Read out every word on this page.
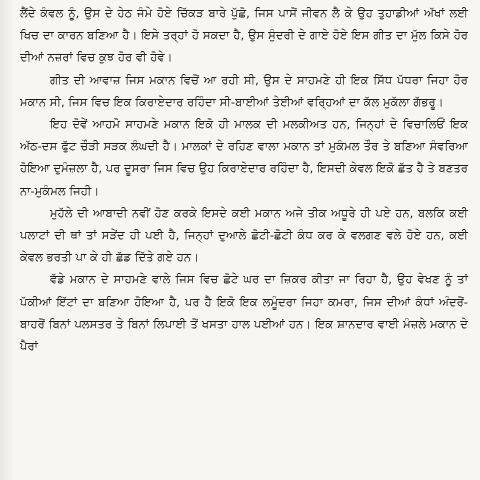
ਲੈਂਦੇ ਕੰਵਲ ਨੂੰ, ਉਸ ਦੇ ਹੇਠ ਜੰਮੇ ਹੋਏ ਚਿੱਕੜ ਬਾਰੇ ਪੁੱਛੋ, ਜਿਸ ਪਾਸੋਂ ਜੀਵਨ ਲੈ ਕੇ ਉਹ ਤੁਹਾਡੀਆਂ ਅੱਖਾਂ ਲਈ ਖਿਚ ਦਾ ਕਾਰਨ ਬਣਿਆ ਹੈ। ਇਸੇ ਤਰ੍ਹਾਂ ਹੋ ਸਕਦਾ ਹੈ, ਉਸ ਸੁੰਦਰੀ ਦੇ ਗਾਏ ਹੋਏ ਇਸ ਗੀਤ ਦਾ ਮੁੱਲ ਕਿਸੇ ਹੋਰ ਦੀਆਂ ਨਜ਼ਰਾਂ ਵਿਚ ਕੁਝ ਹੋਰ ਵੀ ਹੋਵੇ।

ਗੀਤ ਦੀ ਆਵਾਜ਼ ਜਿਸ ਮਕਾਨ ਵਿਚੋਂ ਆ ਰਹੀ ਸੀ, ਉਸ ਦੇ ਸਾਹਮਣੇ ਹੀ ਇਕ ਸਿੱਧ ਪੱਧਰਾ ਜਿਹਾ ਹੋਰ ਮਕਾਨ ਸੀ, ਜਿਸ ਵਿਚ ਇਕ ਕਿਰਾਏਦਾਰ ਰਹਿੰਦਾ ਸੀ-ਬਾਈਆਂ ਤੇਈਆਂ ਵਰ੍ਹਿਆਂ ਦਾ ਕੱਲ ਮੁਕੱਲਾ ਗੱਭਰੂ।

ਇਹ ਦੋਵੇਂ ਆਹਮੋ ਸਾਹਮਣੇ ਮਕਾਨ ਇਕੋ ਹੀ ਮਾਲਕ ਦੀ ਮਲਕੀਅਤ ਹਨ, ਜਿਨ੍ਹਾਂ ਦੇ ਵਿਚਾਲਿਓਂ ਇਕ ਅੱਠ-ਦਸ ਫੁੱਟ ਚੌੜੀ ਸੜਕ ਲੰਘਦੀ ਹੈ। ਮਾਲਕਾਂ ਦੇ ਰਹਿਣ ਵਾਲਾ ਮਕਾਨ ਤਾਂ ਮੁਕੰਮਲ ਤੌਰ ਤੇ ਬਣਿਆ ਸੰਵਰਿਆ ਹੋਇਆ ਦੁਮੰਜ਼ਲਾ ਹੈ, ਪਰ ਦੂਸਰਾ ਜਿਸ ਵਿਚ ਉਹ ਕਿਰਾਏਦਾਰ ਰਹਿੰਦਾ ਹੈ, ਇਸਦੀ ਕੇਵਲ ਇਕੋ ਛੱਤ ਹੈ ਤੇ ਬਣਤਰ ਨਾ-ਮੁਕੰਮਲ ਜਿਹੀ।

ਮੁਹੱਲੇ ਦੀ ਆਬਾਦੀ ਨਵੀਂ ਹੋਣ ਕਰਕੇ ਇਸਦੇ ਕਈ ਮਕਾਨ ਅਜੇ ਤੀਕ ਅਧੂਰੇ ਹੀ ਪਏ ਹਨ, ਬਲਕਿ ਕਈ ਪਲਾਟਾਂ ਦੀ ਥਾਂ ਤਾਂ ਸੜੇਂਦ ਹੀ ਪਈ ਹੈ, ਜਿਨ੍ਹਾਂ ਦੁਆਲੇ ਛੋਟੀ-ਛੋਟੀ ਕੰਧ ਕਰ ਕੇ ਵਲਗਣ ਵਲੇ ਹੋਏ ਹਨ, ਕਈ ਕੇਵਲ ਭਰਤੀ ਪਾ ਕੇ ਹੀ ਛੱਡ ਦਿੱਤੇ ਗਏ ਹਨ।

ਵੱਡੇ ਮਕਾਨ ਦੇ ਸਾਹਮਣੇ ਵਾਲੇ ਜਿਸ ਵਿਚ ਛੋਟੇ ਘਰ ਦਾ ਜ਼ਿਕਰ ਕੀਤਾ ਜਾ ਰਿਹਾ ਹੈ, ਉਹ ਵੇਖਣ ਨੂੰ ਤਾਂ ਪੱਕੀਆਂ ਇੱਟਾਂ ਦਾ ਬਣਿਆ ਹੋਇਆ ਹੈ, ਪਰ ਹੈ ਇਕੋ ਇਕ ਲਮੂੰਦਰਾ ਜਿਹਾ ਕਮਰਾ, ਜਿਸ ਦੀਆਂ ਕੰਧਾਂ ਅੰਦਰੋਂ-ਬਾਹਰੋਂ ਬਿਨਾਂ ਪਲਸਤਰ ਤੇ ਬਿਨਾਂ ਲਿਪਾਈ ਤੋਂ ਖਸਤਾ ਹਾਲ ਪਈਆਂ ਹਨ। ਇਕ ਸ਼ਾਨਦਾਰ ਵਾਈ ਮੰਜ਼ਲੇ ਮਕਾਨ ਦੇ ਪੈਰਾਂ
